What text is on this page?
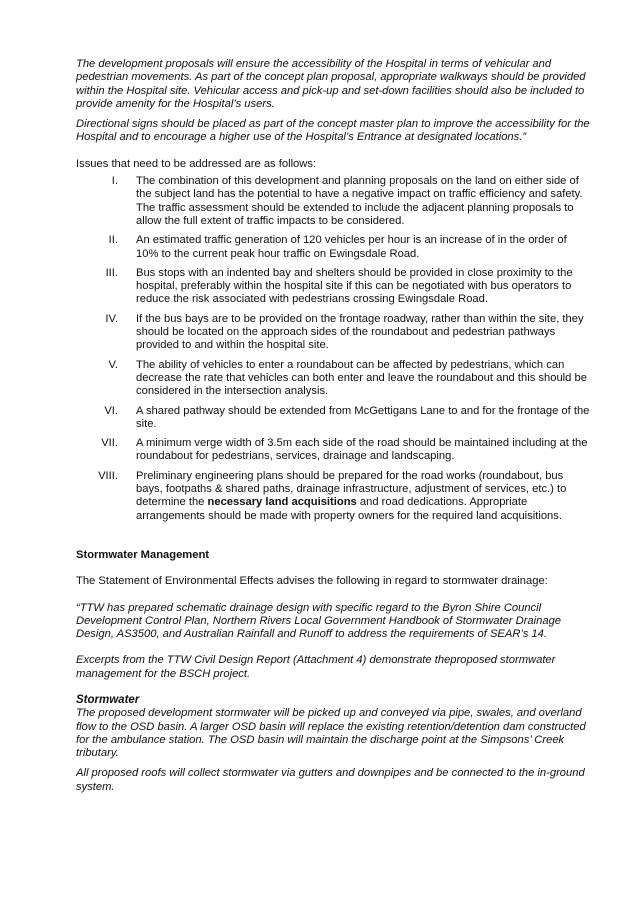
The development proposals will ensure the accessibility of the Hospital in terms of vehicular and pedestrian movements. As part of the concept plan proposal, appropriate walkways should be provided within the Hospital site. Vehicular access and pick-up and set-down facilities should also be included to provide amenity for the Hospital’s users.

Directional signs should be placed as part of the concept master plan to improve the accessibility for the Hospital and to encourage a higher use of the Hospital’s Entrance at designated locations.”

Issues that need to be addressed are as follows:

I. The combination of this development and planning proposals on the land on either side of the subject land has the potential to have a negative impact on traffic efficiency and safety. The traffic assessment should be extended to include the adjacent planning proposals to allow the full extent of traffic impacts to be considered.
II. An estimated traffic generation of 120 vehicles per hour is an increase of in the order of 10% to the current peak hour traffic on Ewingsdale Road.
III. Bus stops with an indented bay and shelters should be provided in close proximity to the hospital, preferably within the hospital site if this can be negotiated with bus operators to reduce the risk associated with pedestrians crossing Ewingsdale Road.
IV. If the bus bays are to be provided on the frontage roadway, rather than within the site, they should be located on the approach sides of the roundabout and pedestrian pathways provided to and within the hospital site.
V. The ability of vehicles to enter a roundabout can be affected by pedestrians, which can decrease the rate that vehicles can both enter and leave the roundabout and this should be considered in the intersection analysis.
VI. A shared pathway should be extended from McGettigans Lane to and for the frontage of the site.
VII. A minimum verge width of 3.5m each side of the road should be maintained including at the roundabout for pedestrians, services, drainage and landscaping.
VIII. Preliminary engineering plans should be prepared for the road works (roundabout, bus bays, footpaths & shared paths, drainage infrastructure, adjustment of services, etc.) to determine the necessary land acquisitions and road dedications. Appropriate arrangements should be made with property owners for the required land acquisitions.
Stormwater Management

The Statement of Environmental Effects advises the following in regard to stormwater drainage:

“TTW has prepared schematic drainage design with specific regard to the Byron Shire Council Development Control Plan, Northern Rivers Local Government Handbook of Stormwater Drainage Design, AS3500, and Australian Rainfall and Runoff to address the requirements of SEAR’s 14.

Excerpts from the TTW Civil Design Report (Attachment 4) demonstrate theproposed stormwater management for the BSCH project.

Stormwater

The proposed development stormwater will be picked up and conveyed via pipe, swales, and overland flow to the OSD basin. A larger OSD basin will replace the existing retention/detention dam constructed for the ambulance station. The OSD basin will maintain the discharge point at the Simpsons’ Creek tributary.

All proposed roofs will collect stormwater via gutters and downpipes and be connected to the in-ground system.
